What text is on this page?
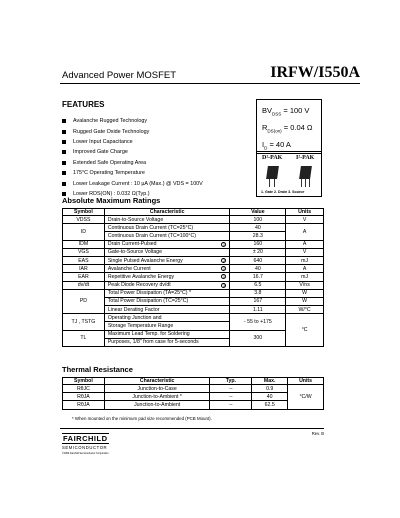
Advanced Power MOSFET	IRFW/I550A
FEATURES
Avalanche Rugged Technology
Rugged Gate Oxide Technology
Lower Input Capacitance
Improved Gate Charge
Extended Safe Operating Area
175°C Operating Temperature
Lower Leakage Current : 10 µA (Max.) @ VDS = 100V
Lower RDS(ON) : 0.032 Ω(Typ.)
$BV_{DSS} = 100$ V
$R_{DS(on)} = 0.04$ Ω
$I_D = 40$ A
D²-PAK I²-PAK
1. Gate 2. Drain 3. Source
Absolute Maximum Ratings
Symbol	Characteristic	Value	Units
VDSS	Drain-to-Source Voltage	100	V
ID	Continuous Drain Current (TC=25°C)	40	A
	Continuous Drain Current (TC=100°C)	28.3	
IDM	Drain Current-Pulsed 1	160	A
VGS	Gate-to-Source Voltage	± 20	V
EAS	Single Pulsed Avalanche Energy 2	640	mJ
IAR	Avalanche Current 1	40	A
EAR	Repetitive Avalanche Energy 1	16.7	mJ
dv/dt	Peak Diode Recovery dv/dt 3	6.5	V/ns
PD	Total Power Dissipation (TA=25°C) *	3.8	W
	Total Power Dissipation (TC=25°C)	167	W
	Linear Derating Factor	1.11	W/°C
TJ , TSTG	Operating Junction and	- 55 to +175	°C
	Storage Temperature Range		
TL	Maximum Lead Temp. for Soldering	300	
	Purposes, 1/8" from case for 5-seconds		
Thermal Resistance
Symbol	Characteristic	Typ.	Max.	Units
RθJC	Junction-to-Case	--	0.9	°C/W
RθJA	Junction-to-Ambient *	--	40	
RθJA	Junction-to-Ambient	--	62.5	
* When mounted on the minimum pad size recommended (PCB Mount).
FAIRCHILD
SEMICONDUCTOR
©1999 Fairchild Semiconductor Corporation
Rev. B
